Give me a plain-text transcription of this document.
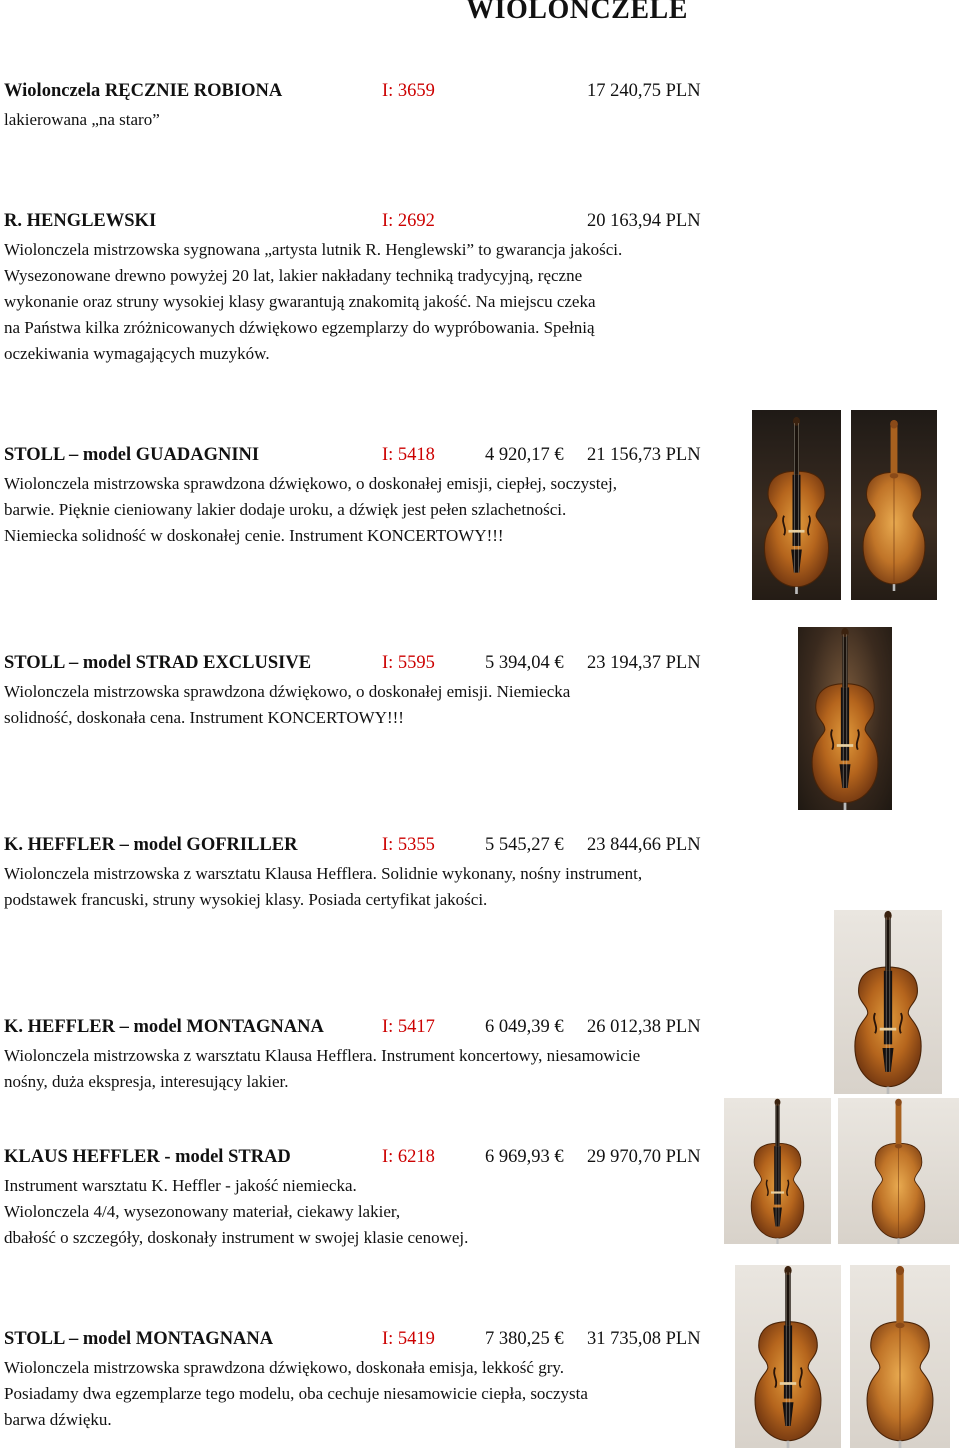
WIOLONCZELE
Wiolonczela RĘCZNIE ROBIONA	I: 3659	17 240,75 PLN

lakierowana „na staro”

R. HENGLEWSKI	I: 2692	20 163,94 PLN

Wiolonczela mistrzowska sygnowana „artysta lutnik R. Henglewski” to gwarancja jakości.

Wysezonowane drewno powyżej 20 lat, lakier nakładany techniką tradycyjną, ręczne

wykonanie oraz struny wysokiej klasy gwarantują znakomitą jakość. Na miejscu czeka

na Państwa kilka zróżnicowanych dźwiękowo egzemplarzy do wypróbowania. Spełnią

oczekiwania wymagających muzyków.

STOLL – model GUADAGNINI	I: 5418	4 920,17 € 21 156,73 PLN

Wiolonczela mistrzowska sprawdzona dźwiękowo, o doskonałej emisji, ciepłej, soczystej,

barwie. Pięknie cieniowany lakier dodaje uroku, a dźwięk jest pełen szlachetności.

Niemiecka solidność w doskonałej cenie. Instrument KONCERTOWY!!!

STOLL – model STRAD EXCLUSIVE	I: 5595	5 394,04 € 23 194,37 PLN

Wiolonczela mistrzowska sprawdzona dźwiękowo, o doskonałej emisji. Niemiecka

solidność, doskonała cena. Instrument KONCERTOWY!!!

K. HEFFLER – model GOFRILLER	I: 5355	5 545,27 € 23 844,66 PLN

Wiolonczela mistrzowska z warsztatu Klausa Hefflera. Solidnie wykonany, nośny instrument,

podstawek francuski, struny wysokiej klasy. Posiada certyfikat jakości.

K. HEFFLER – model MONTAGNANA	I: 5417	6 049,39 € 26 012,38 PLN

Wiolonczela mistrzowska z warsztatu Klausa Hefflera. Instrument koncertowy, niesamowicie

nośny, duża ekspresja, interesujący lakier.

KLAUS HEFFLER - model STRAD	I: 6218	6 969,93 € 29 970,70 PLN

Instrument warsztatu K. Heffler - jakość niemiecka.

Wiolonczela 4/4, wysezonowany materiał, ciekawy lakier,

dbałość o szczegóły, doskonały instrument w swojej klasie cenowej.

STOLL – model MONTAGNANA	I: 5419	7 380,25 € 31 735,08 PLN

Wiolonczela mistrzowska sprawdzona dźwiękowo, doskonała emisja, lekkość gry.

Posiadamy dwa egzemplarze tego modelu, oba cechuje niesamowicie ciepła, soczysta

barwa dźwięku.
